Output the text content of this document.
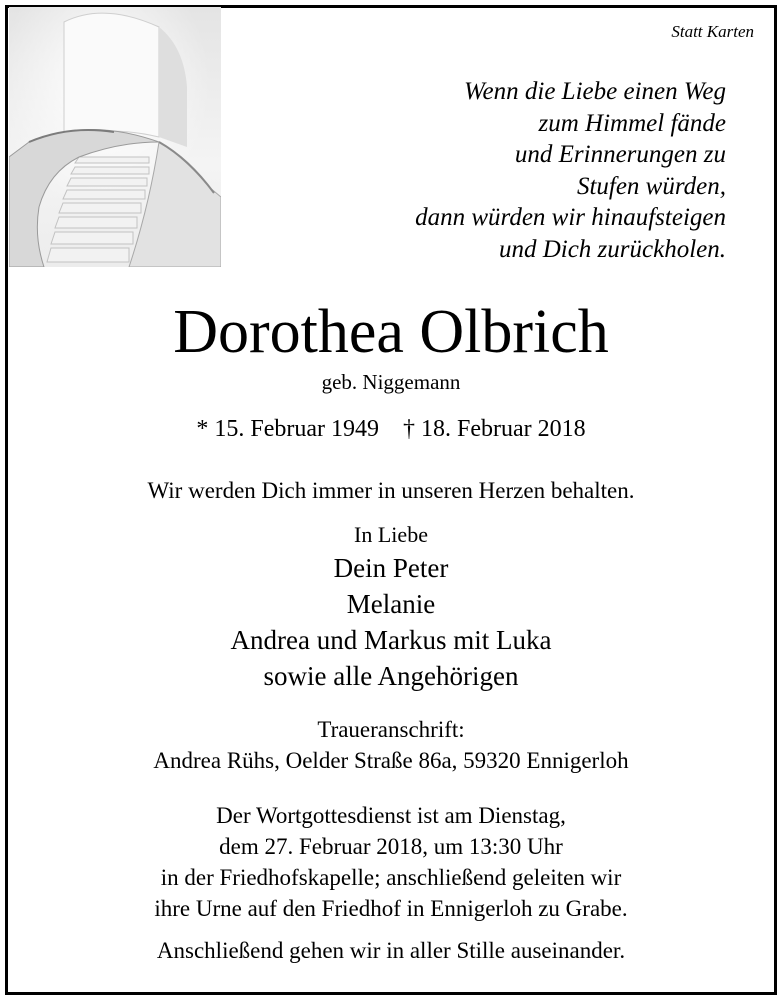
Statt Karten
Wenn die Liebe einen Weg
zum Himmel fände
und Erinnerungen zu
Stufen würden,
dann würden wir hinaufsteigen
und Dich zurückholen.
Dorothea Olbrich
geb. Niggemann
* 15. Februar 1949 † 18. Februar 2018
Wir werden Dich immer in unseren Herzen behalten.
In Liebe
Dein Peter
Melanie
Andrea und Markus mit Luka
sowie alle Angehörigen
Traueranschrift:
Andrea Rühs, Oelder Straße 86a, 59320 Ennigerloh
Der Wortgottesdienst ist am Dienstag,
dem 27. Februar 2018, um 13:30 Uhr
in der Friedhofskapelle; anschließend geleiten wir
ihre Urne auf den Friedhof in Ennigerloh zu Grabe.
Anschließend gehen wir in aller Stille auseinander.
